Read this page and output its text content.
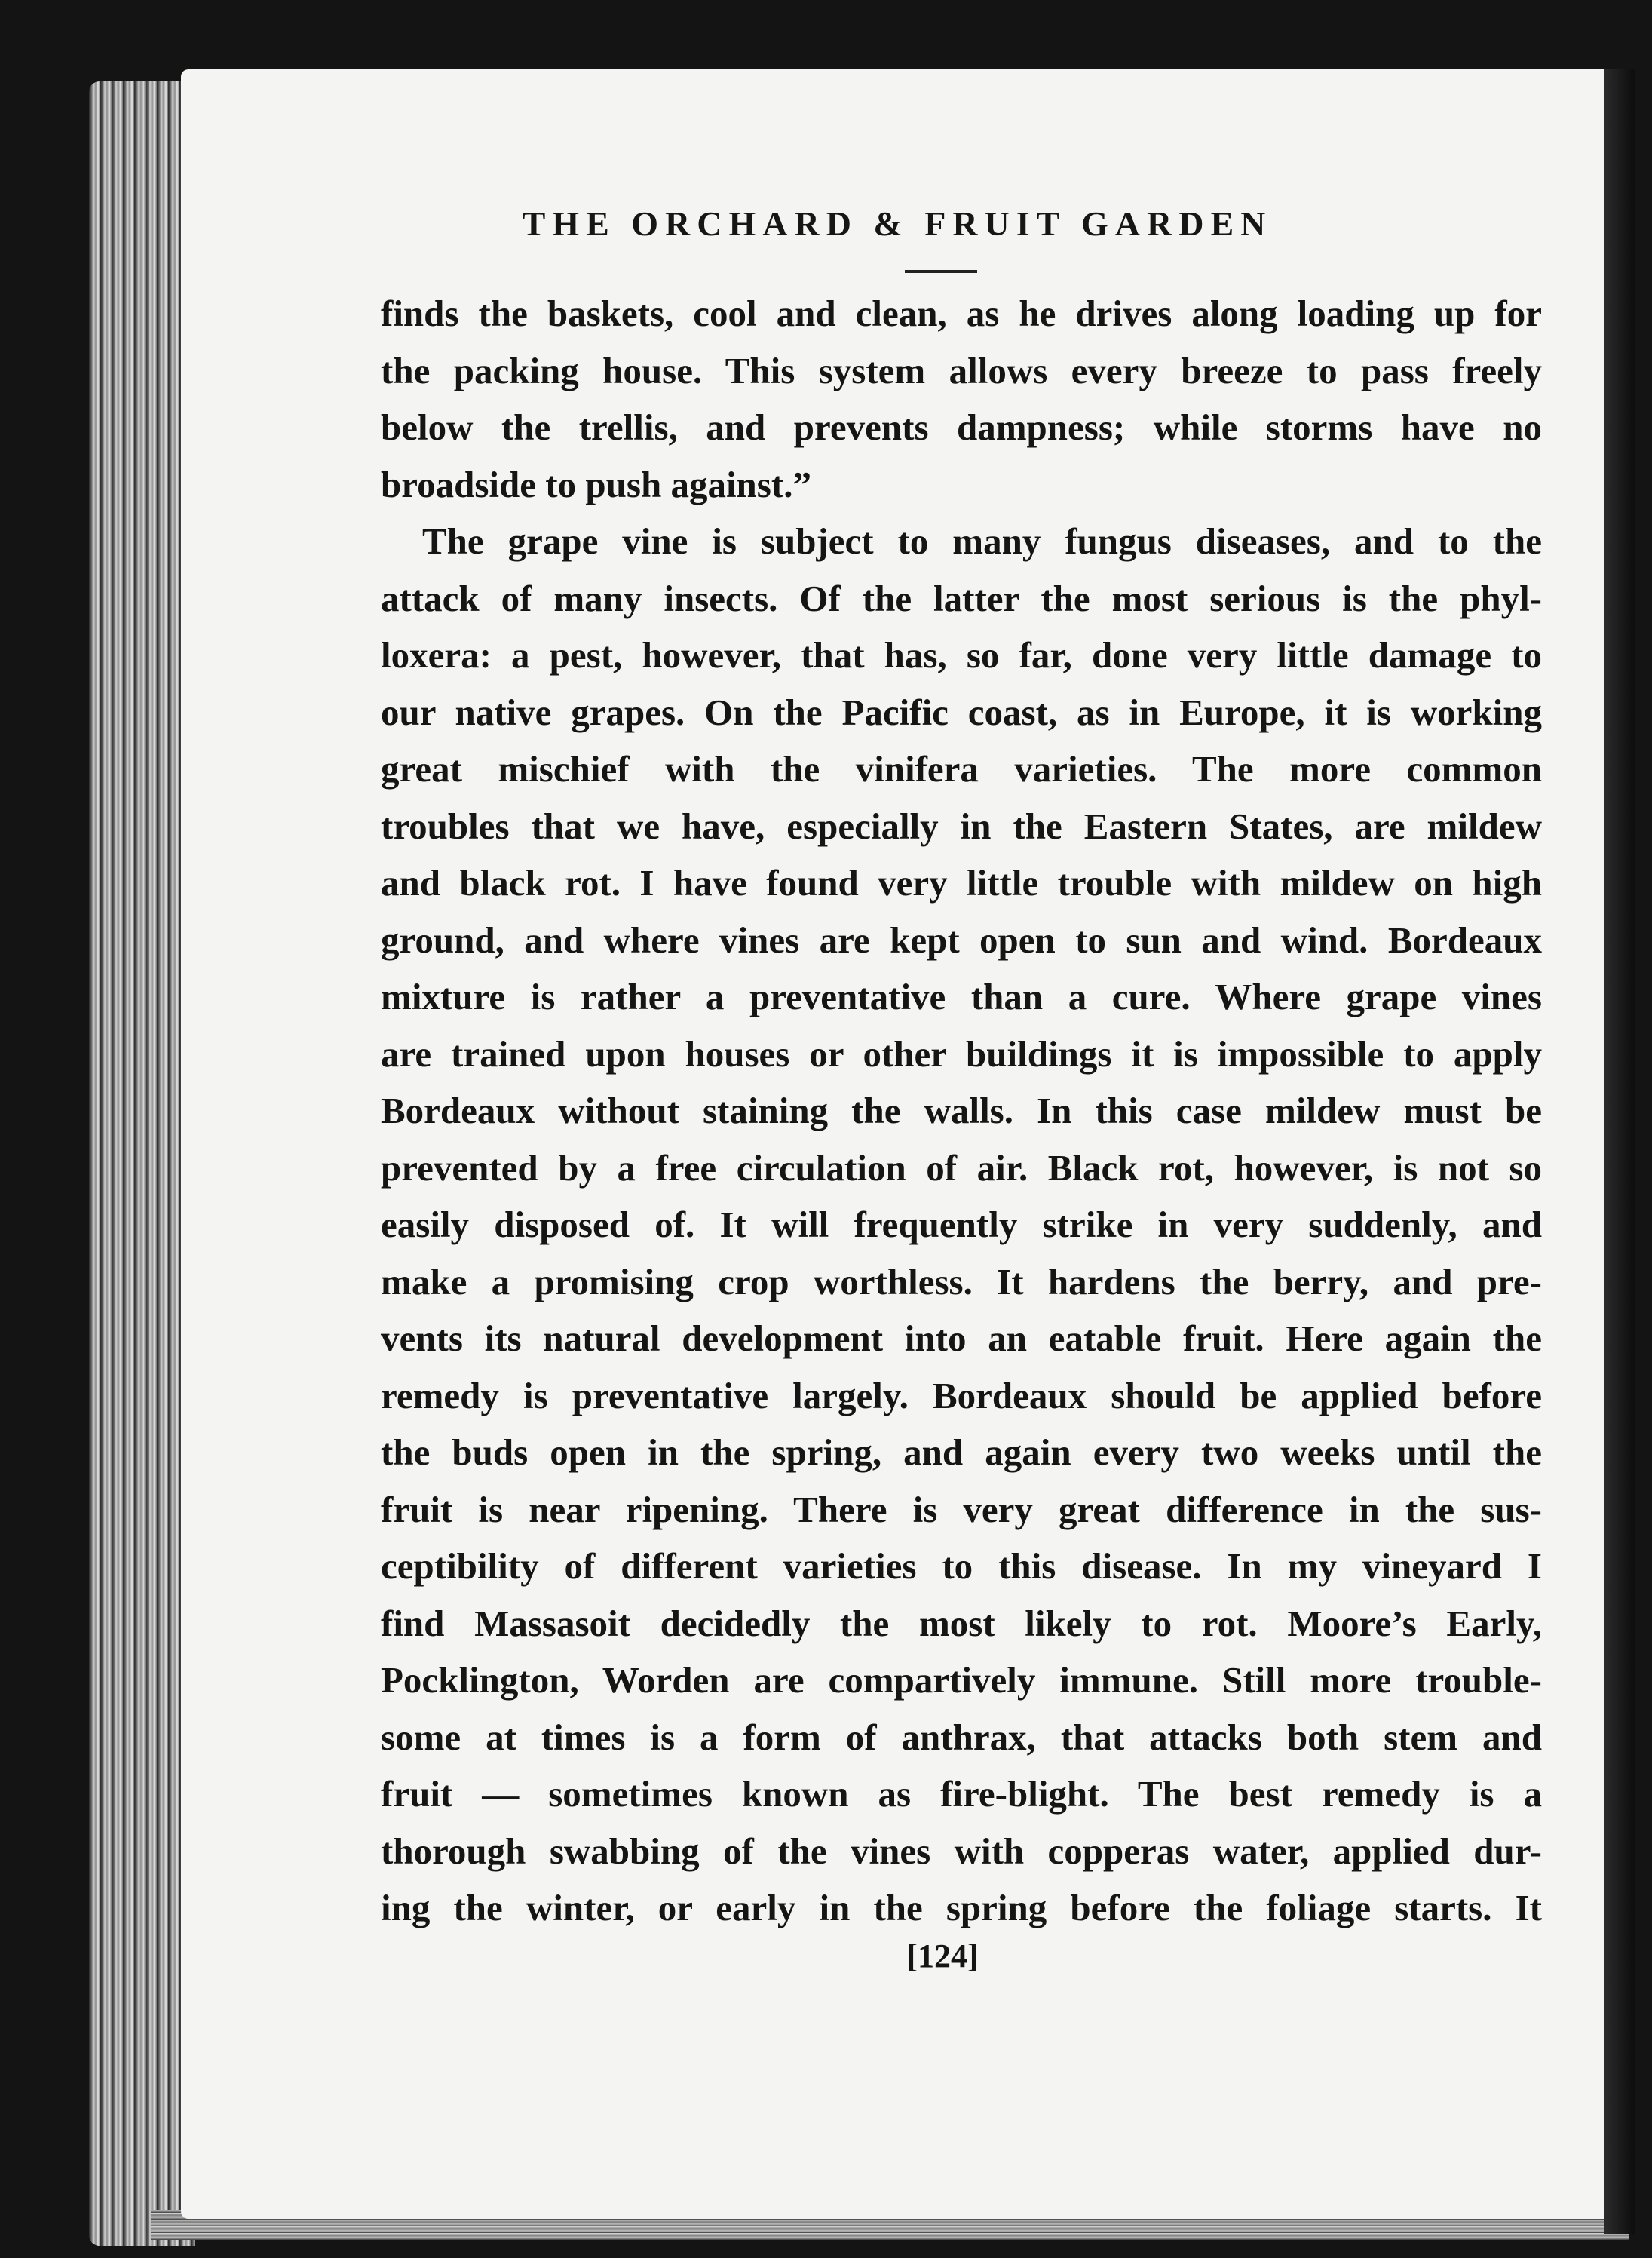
THE ORCHARD & FRUIT GARDEN
finds the baskets, cool and clean, as he drives along loading up for
the packing house. This system allows every breeze to pass freely
below the trellis, and prevents dampness; while storms have no
broadside to push against.”
The grape vine is subject to many fungus diseases, and to the
attack of many insects. Of the latter the most serious is the phyl-
loxera: a pest, however, that has, so far, done very little damage to
our native grapes. On the Pacific coast, as in Europe, it is working
great mischief with the vinifera varieties. The more common
troubles that we have, especially in the Eastern States, are mildew
and black rot. I have found very little trouble with mildew on high
ground, and where vines are kept open to sun and wind. Bordeaux
mixture is rather a preventative than a cure. Where grape vines
are trained upon houses or other buildings it is impossible to apply
Bordeaux without staining the walls. In this case mildew must be
prevented by a free circulation of air. Black rot, however, is not so
easily disposed of. It will frequently strike in very suddenly, and
make a promising crop worthless. It hardens the berry, and pre-
vents its natural development into an eatable fruit. Here again the
remedy is preventative largely. Bordeaux should be applied before
the buds open in the spring, and again every two weeks until the
fruit is near ripening. There is very great difference in the sus-
ceptibility of different varieties to this disease. In my vineyard I
find Massasoit decidedly the most likely to rot. Moore’s Early,
Pocklington, Worden are compartively immune. Still more trouble-
some at times is a form of anthrax, that attacks both stem and
fruit — sometimes known as fire-blight. The best remedy is a
thorough swabbing of the vines with copperas water, applied dur-
ing the winter, or early in the spring before the foliage starts. It
[124]
